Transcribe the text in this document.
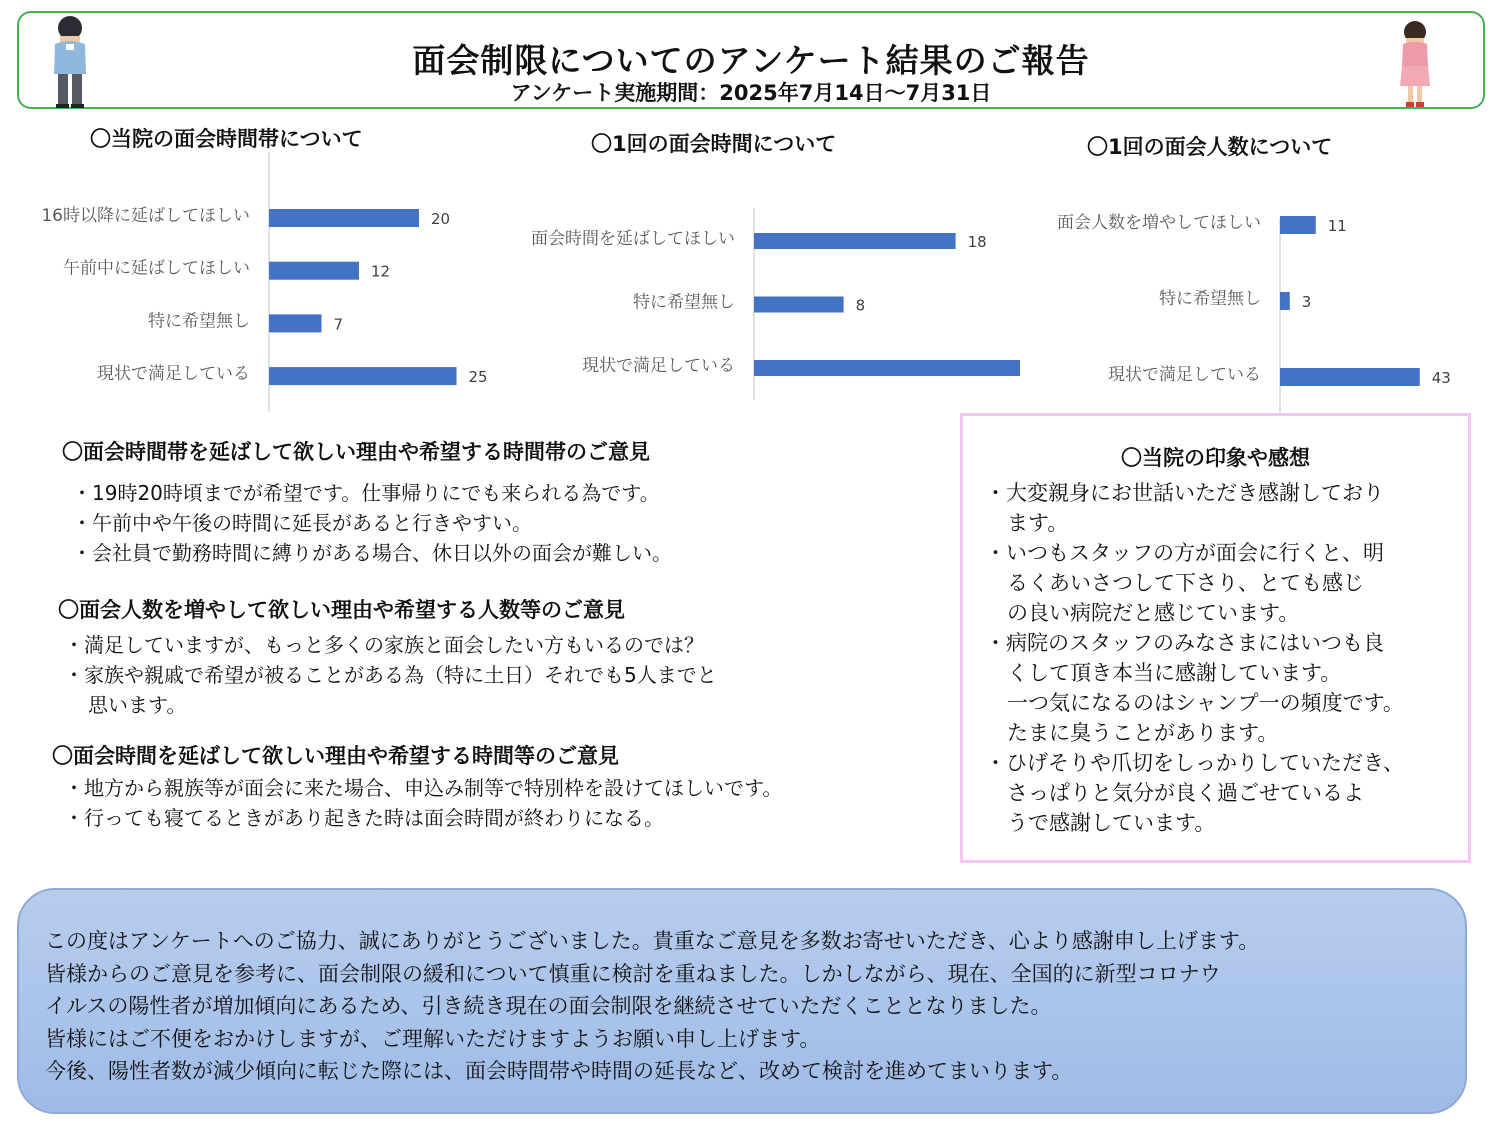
面会制限についてのアンケート結果のご報告
アンケート実施期間：2025年7月14日～7月31日
〇当院の面会時間帯について
16時以降に延ばしてほしい	20
午前中に延ばしてほしい	12
特に希望無し	7
現状で満足している	25
〇1回の面会時間について
面会時間を延ばしてほしい	18
特に希望無し	8
現状で満足している
〇1回の面会人数について
面会人数を増やしてほしい	11
特に希望無し	3
現状で満足している	43
〇面会時間帯を延ばして欲しい理由や希望する時間帯のご意見
・19時20時頃までが希望です。仕事帰りにでも来られる為です。
・午前中や午後の時間に延長があると行きやすい。
・会社員で勤務時間に縛りがある場合、休日以外の面会が難しい。
〇面会人数を増やして欲しい理由や希望する人数等のご意見
・満足していますが、もっと多くの家族と面会したい方もいるのでは？
・家族や親戚で希望が被ることがある為（特に土日）それでも5人までと
思います。
〇面会時間を延ばして欲しい理由や希望する時間等のご意見
・地方から親族等が面会に来た場合、申込み制等で特別枠を設けてほしいです。
・行っても寝てるときがあり起きた時は面会時間が終わりになる。
〇当院の印象や感想
・大変親身にお世話いただき感謝しており
ます。
・いつもスタッフの方が面会に行くと、明
るくあいさつして下さり、とても感じ
の良い病院だと感じています。
・病院のスタッフのみなさまにはいつも良
くして頂き本当に感謝しています。
一つ気になるのはシャンプ一の頻度です。
たまに臭うことがあります。
・ひげそりや爪切をしっかりしていただき、
さっぱりと気分が良く過ごせているよ
うで感謝しています。
この度はアンケートへのご協力、誠にありがとうございました。貴重なご意見を多数お寄せいただき、心より感謝申し上げます。
皆様からのご意見を参考に、面会制限の緩和について慎重に検討を重ねました。しかしながら、現在、全国的に新型コロナウ
イルスの陽性者が増加傾向にあるため、引き続き現在の面会制限を継続させていただくこととなりました。
皆様にはご不便をおかけしますが、ご理解いただけますようお願い申し上げます。
今後、陽性者数が減少傾向に転じた際には、面会時間帯や時間の延長など、改めて検討を進めてまいります。
